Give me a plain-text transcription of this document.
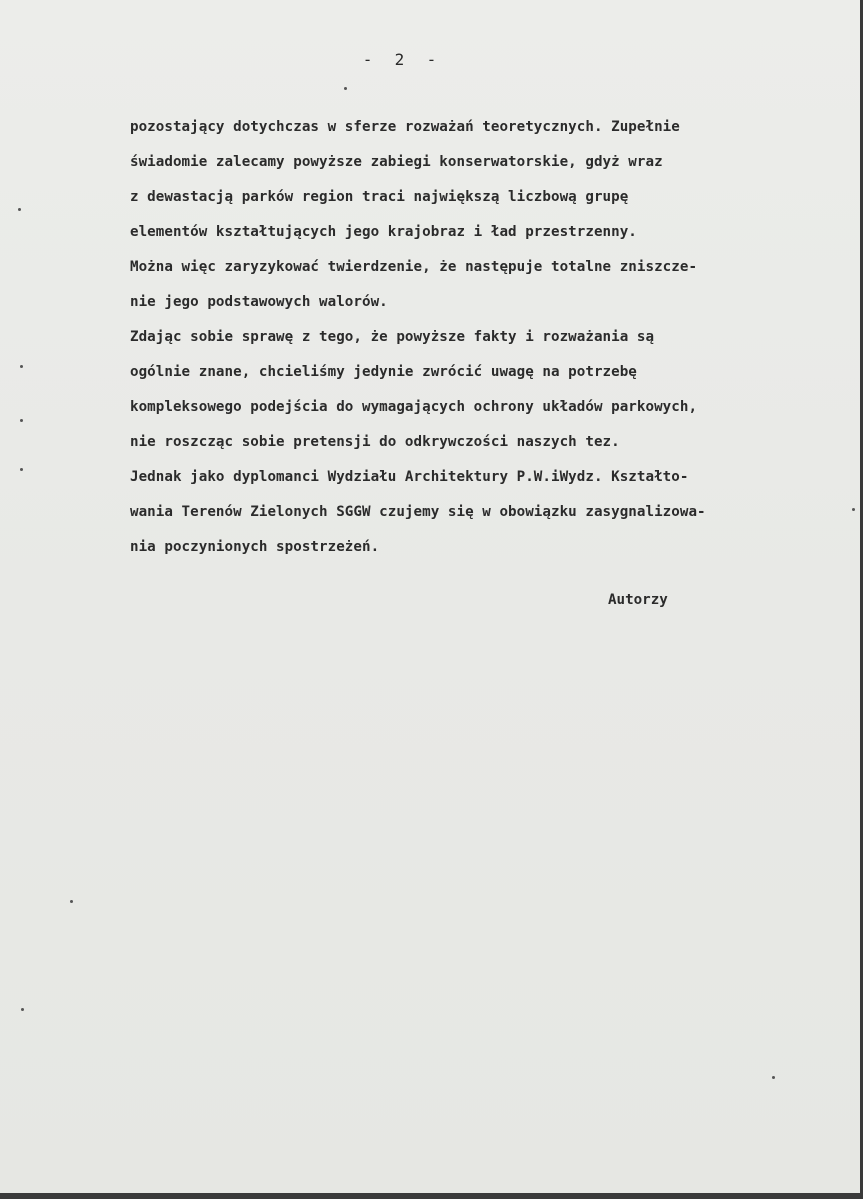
-  2  -
pozostający dotychczas w sferze rozważań teoretycznych. Zupełnie
świadomie zalecamy powyższe zabiegi konserwatorskie, gdyż wraz
z dewastacją parków region traci największą liczbową grupę
elementów kształtujących jego krajobraz i ład przestrzenny.
Można więc zaryzykować twierdzenie, że następuje totalne zniszcze-
nie jego podstawowych walorów.
Zdając sobie sprawę z tego, że powyższe fakty i rozważania są
ogólnie znane, chcieliśmy jedynie zwrócić uwagę na potrzebę
kompleksowego podejścia do wymagających ochrony układów parkowych,
nie roszcząc sobie pretensji do odkrywczości naszych tez.
Jednak jako dyplomanci Wydziału Architektury P.W.iWydz. Kształto-
wania Terenów Zielonych SGGW czujemy się w obowiązku zasygnalizowa-
nia poczynionych spostrzeżeń.
Autorzy
